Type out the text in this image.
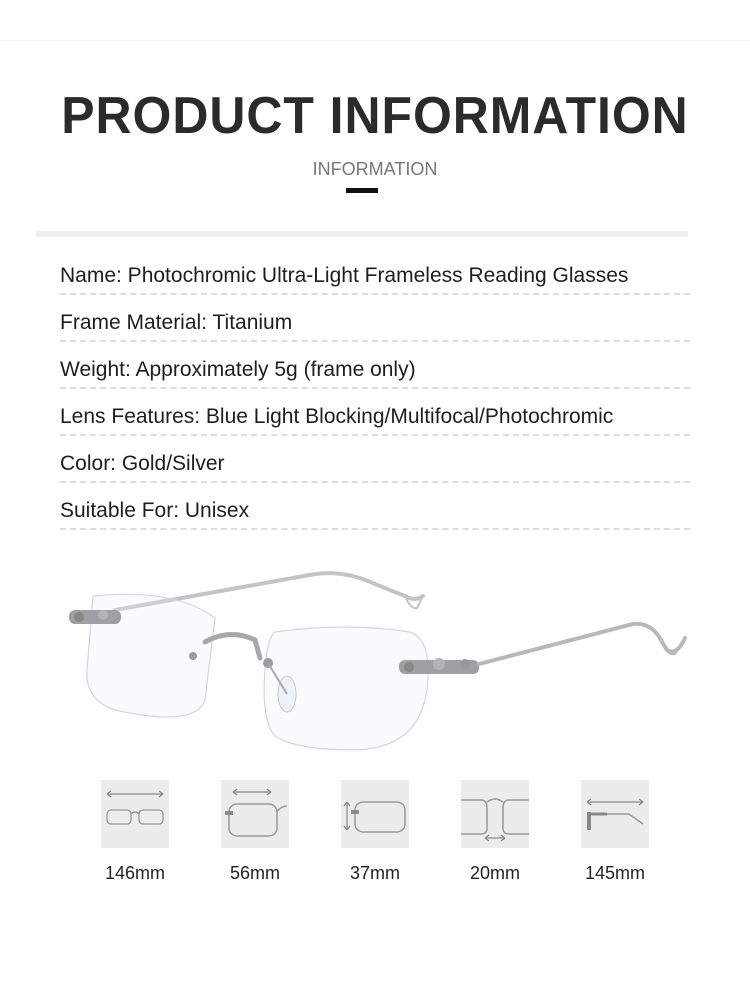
PRODUCT INFORMATION
INFORMATION
Name: Photochromic Ultra-Light Frameless Reading Glasses
Frame Material: Titanium
Weight: Approximately 5g (frame only)
Lens Features: Blue Light Blocking/Multifocal/Photochromic
Color: Gold/Silver
Suitable For: Unisex
146mm	56mm	37mm	20mm	145mm
